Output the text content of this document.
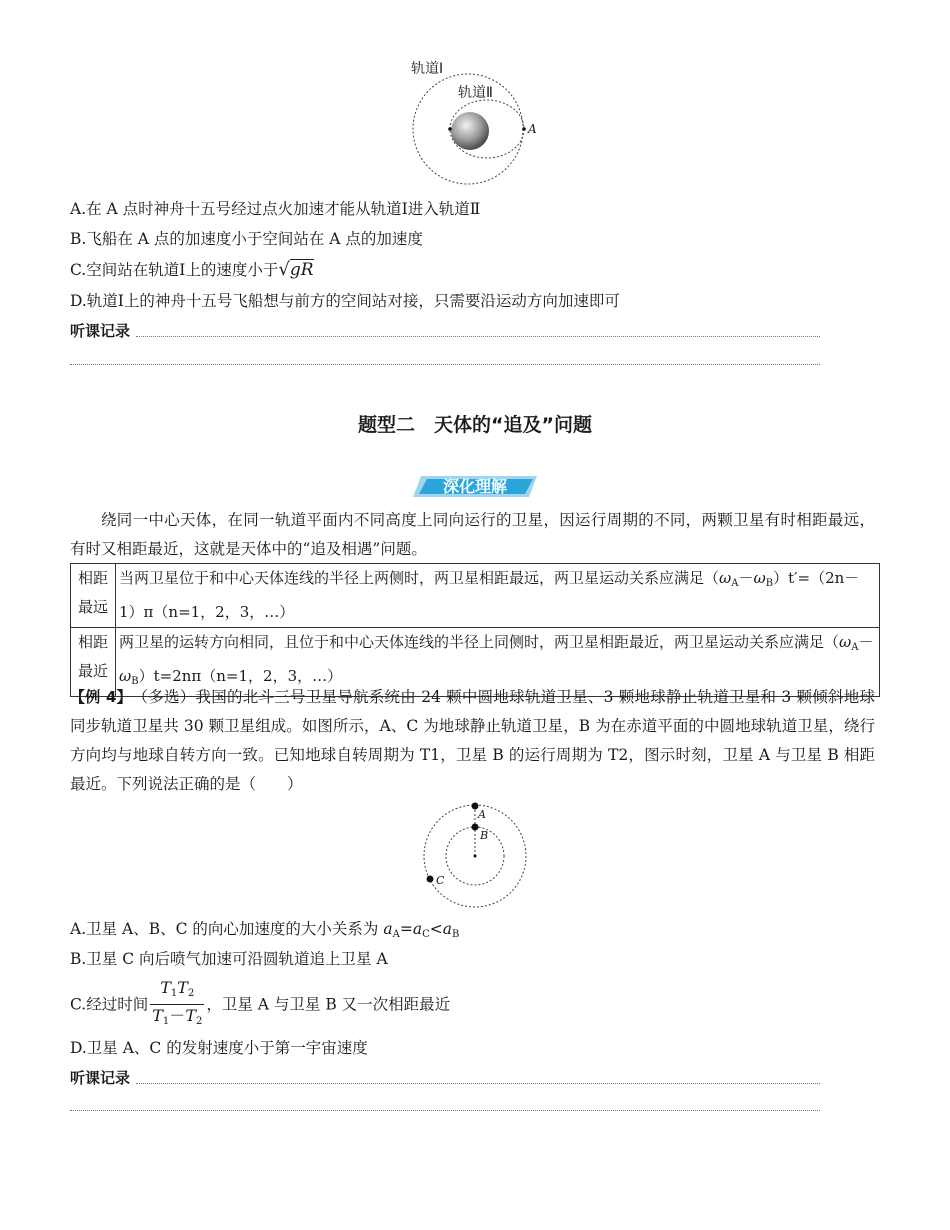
轨道Ⅰ
轨道Ⅱ
A
A.在 A 点时神舟十五号经过点火加速才能从轨道Ⅰ进入轨道Ⅱ
B.飞船在 A 点的加速度小于空间站在 A 点的加速度
C.空间站在轨道Ⅰ上的速度小于√gR
D.轨道Ⅰ上的神舟十五号飞船想与前方的空间站对接，只需要沿运动方向加速即可
听课记录
题型二　天体的“追及”问题
深化理解
绕同一中心天体，在同一轨道平面内不同高度上同向运行的卫星，因运行周期的不同，两颗卫星有时相距最远，有时又相距最近，这就是天体中的“追及相遇”问题。
相距最远	当两卫星位于和中心天体连线的半径上两侧时，两卫星相距最远，两卫星运动关系应满足$(\omega_A-\omega_B)t'=(2n-1)\pi(n=1$，2，3，…）
相距最近	两卫星的运转方向相同，且位于和中心天体连线的半径上同侧时，两卫星相距最近，两卫星运动关系应满足$(\omega_A-\omega_B)t=2n\pi(n=1$，2，3，…）
【例 4】　 （多选）我国的北斗三号卫星导航系统由 24 颗中圆地球轨道卫星、3 颗地球静止轨道卫星和 3 颗倾斜地球同步轨道卫星共 30 颗卫星组成。如图所示，A、C 为地球静止轨道卫星，B 为在赤道平面的中圆地球轨道卫星，绕行方向均与地球自转方向一致。已知地球自转周期为 T1，卫星 B 的运行周期为 T2，图示时刻，卫星 A 与卫星 B 相距最近。下列说法正确的是（　　）
A
B
C
A.卫星 A、B、C 的向心加速度的大小关系为 $a_A=a_C<a_B$
B.卫星 C 向后喷气加速可沿圆轨道追上卫星 A
C.经过时间 $\frac{T_1T_2}{T_1-T_2}$ ，卫星 A 与卫星 B 又一次相距最近
D.卫星 A、C 的发射速度小于第一宇宙速度
听课记录
